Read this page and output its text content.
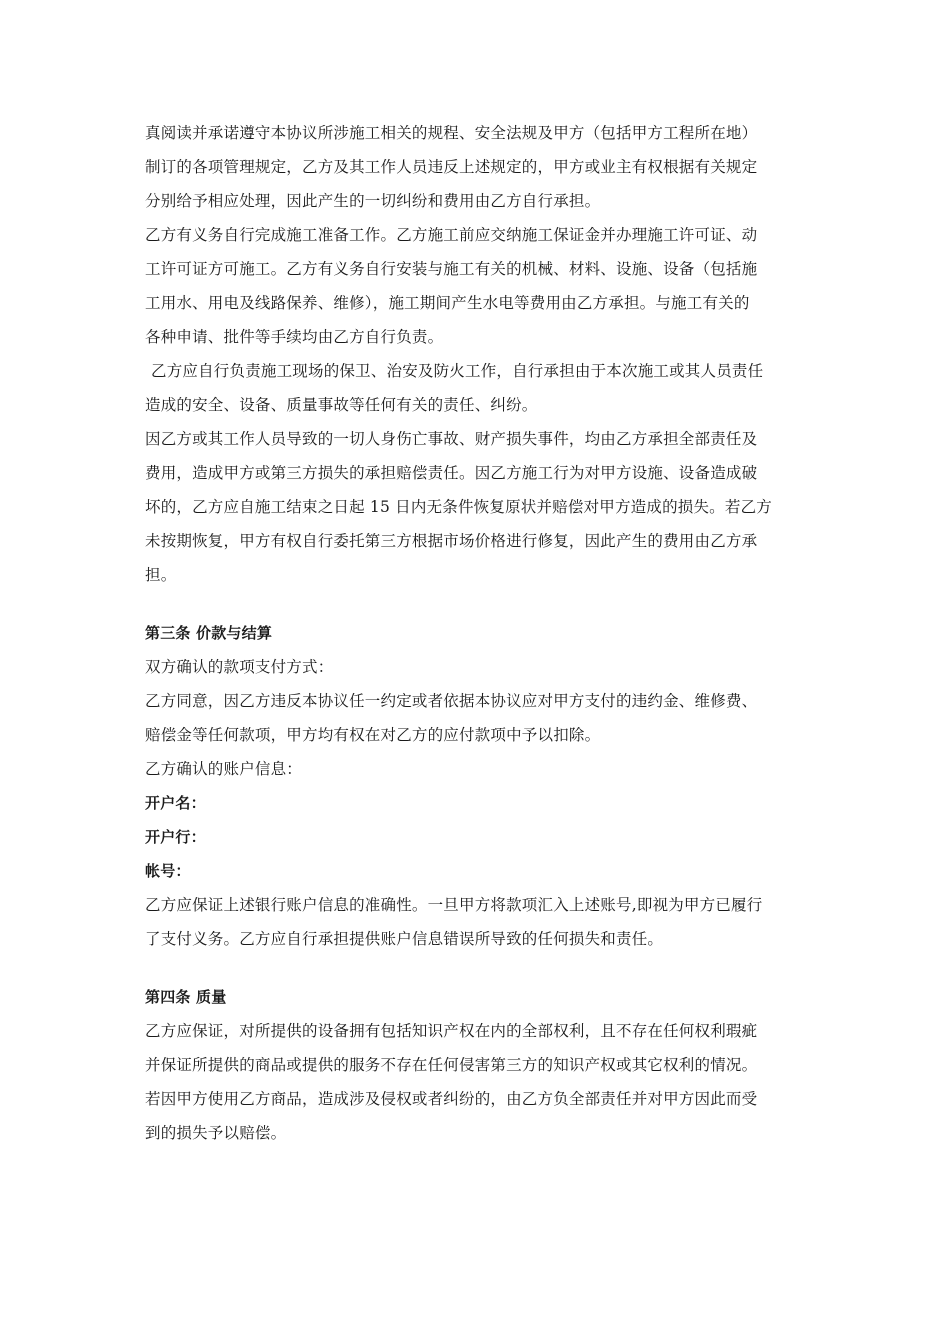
真阅读并承诺遵守本协议所涉施工相关的规程、安全法规及甲方（包括甲方工程所在地）
制订的各项管理规定，乙方及其工作人员违反上述规定的，甲方或业主有权根据有关规定
分别给予相应处理，因此产生的一切纠纷和费用由乙方自行承担。
乙方有义务自行完成施工准备工作。乙方施工前应交纳施工保证金并办理施工许可证、动
工许可证方可施工。乙方有义务自行安装与施工有关的机械、材料、设施、设备（包括施
工用水、用电及线路保养、维修），施工期间产生水电等费用由乙方承担。与施工有关的
各种申请、批件等手续均由乙方自行负责。
乙方应自行负责施工现场的保卫、治安及防火工作，自行承担由于本次施工或其人员责任
造成的安全、设备、质量事故等任何有关的责任、纠纷。
因乙方或其工作人员导致的一切人身伤亡事故、财产损失事件，均由乙方承担全部责任及
费用，造成甲方或第三方损失的承担赔偿责任。因乙方施工行为对甲方设施、设备造成破
坏的，乙方应自施工结束之日起 15 日内无条件恢复原状并赔偿对甲方造成的损失。若乙方
未按期恢复，甲方有权自行委托第三方根据市场价格进行修复，因此产生的费用由乙方承
担。
第三条 价款与结算
双方确认的款项支付方式：
乙方同意，因乙方违反本协议任一约定或者依据本协议应对甲方支付的违约金、维修费、
赔偿金等任何款项，甲方均有权在对乙方的应付款项中予以扣除。
乙方确认的账户信息：
开户名：
开户行：
帐号：
乙方应保证上述银行账户信息的准确性。一旦甲方将款项汇入上述账号,即视为甲方已履行
了支付义务。乙方应自行承担提供账户信息错误所导致的任何损失和责任。
第四条 质量
乙方应保证，对所提供的设备拥有包括知识产权在内的全部权利，且不存在任何权利瑕疵
并保证所提供的商品或提供的服务不存在任何侵害第三方的知识产权或其它权利的情况。
若因甲方使用乙方商品，造成涉及侵权或者纠纷的，由乙方负全部责任并对甲方因此而受
到的损失予以赔偿。
